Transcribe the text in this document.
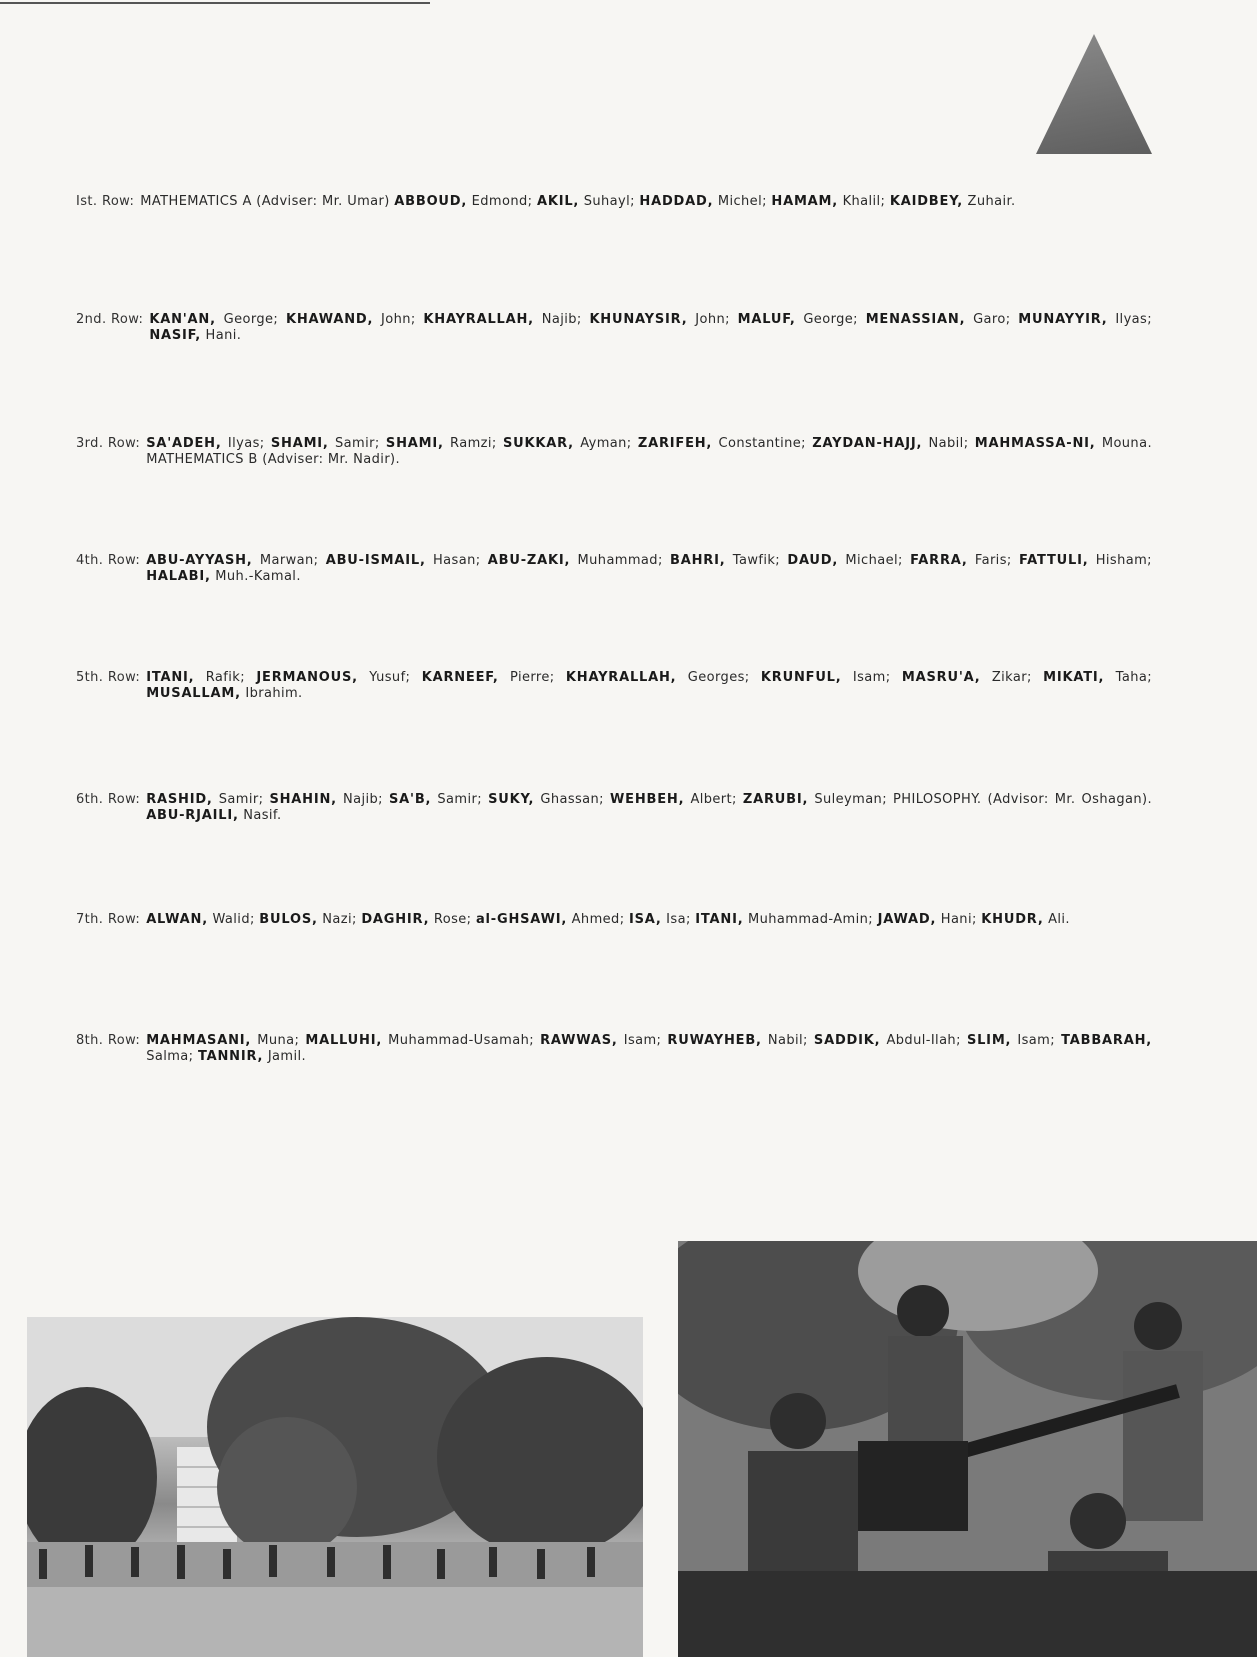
Ist. Row: MATHEMATICS A (Adviser: Mr. Umar) ABBOUD, Edmond; AKIL, Suhayl; HADDAD, Michel; HAMAM, Khalil; KAIDBEY, Zuhair.
2nd. Row: KAN'AN, George; KHAWAND, John; KHAYRALLAH, Najib; KHUNAYSIR, John; MALUF, George; MENASSIAN, Garo; MUNAYYIR, Ilyas; NASIF, Hani.
3rd. Row: SA'ADEH, Ilyas; SHAMI, Samir; SHAMI, Ramzi; SUKKAR, Ayman; ZARIFEH, Constantine; ZAYDAN-HAJJ, Nabil; MAHMASSA-NI, Mouna. MATHEMATICS B (Adviser: Mr. Nadir).
4th. Row: ABU-AYYASH, Marwan; ABU-ISMAIL, Hasan; ABU-ZAKI, Muhammad; BAHRI, Tawfik; DAUD, Michael; FARRA, Faris; FATTULI, Hisham; HALABI, Muh.-Kamal.
5th. Row: ITANI, Rafik; JERMANOUS, Yusuf; KARNEEF, Pierre; KHAYRALLAH, Georges; KRUNFUL, Isam; MASRU'A, Zikar; MIKATI, Taha; MUSALLAM, Ibrahim.
6th. Row: RASHID, Samir; SHAHIN, Najib; SA'B, Samir; SUKY, Ghassan; WEHBEH, Albert; ZARUBI, Suleyman; PHILOSOPHY. (Advisor: Mr. Oshagan). ABU-RJAILI, Nasif.
7th. Row: ALWAN, Walid; BULOS, Nazi; DAGHIR, Rose; al-GHSAWI, Ahmed; ISA, Isa; ITANI, Muhammad-Amin; JAWAD, Hani; KHUDR, Ali.
8th. Row: MAHMASANI, Muna; MALLUHI, Muhammad-Usamah; RAWWAS, Isam; RUWAYHEB, Nabil; SADDIK, Abdul-Ilah; SLIM, Isam; TABBARAH, Salma; TANNIR, Jamil.
